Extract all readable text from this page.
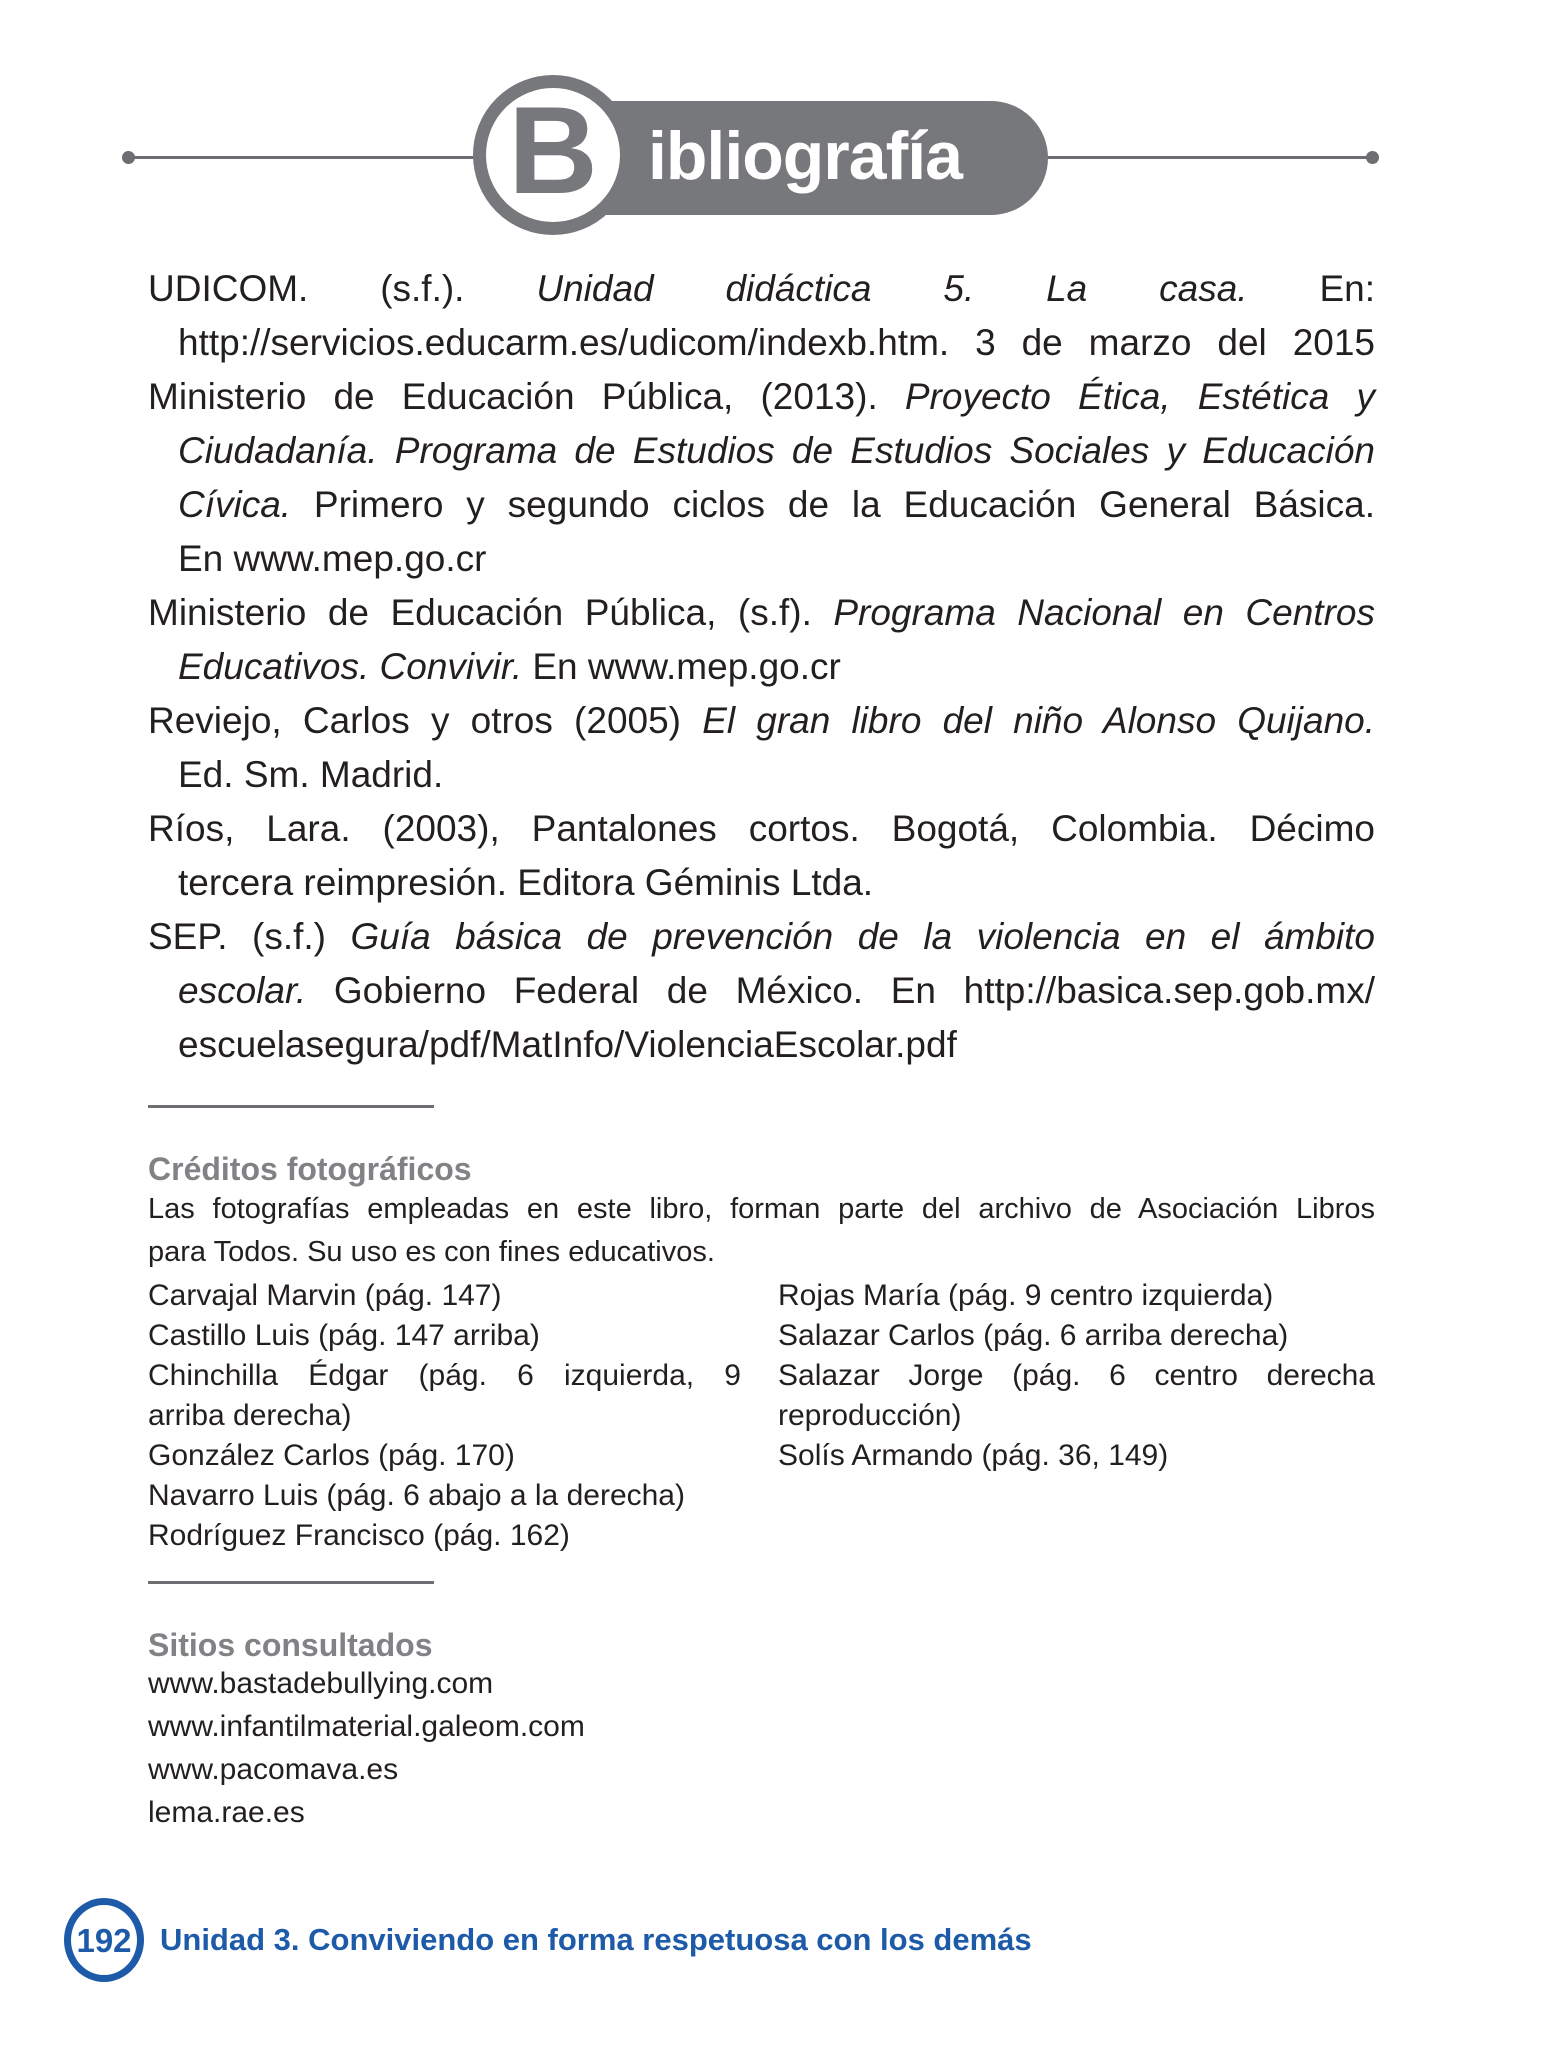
ibliografía
B
UDICOM. (s.f.). Unidad didáctica 5. La casa. En:
http://servicios.educarm.es/udicom/indexb.htm. 3 de marzo del 2015
Ministerio de Educación Pública, (2013). Proyecto Ética, Estética y
Ciudadanía. Programa de Estudios de Estudios Sociales y Educación
Cívica. Primero y segundo ciclos de la Educación General Básica.
En www.mep.go.cr
Ministerio de Educación Pública, (s.f). Programa Nacional en Centros
Educativos. Convivir. En www.mep.go.cr
Reviejo, Carlos y otros (2005) El gran libro del niño Alonso Quijano.
Ed. Sm. Madrid.
Ríos, Lara. (2003), Pantalones cortos. Bogotá, Colombia. Décimo
tercera reimpresión. Editora Géminis Ltda.
SEP. (s.f.) Guía básica de prevención de la violencia en el ámbito
escolar. Gobierno Federal de México. En http://basica.sep.gob.mx/
escuelasegura/pdf/MatInfo/ViolenciaEscolar.pdf
Créditos fotográficos
Las fotografías empleadas en este libro, forman parte del archivo de Asociación Libros
para Todos. Su uso es con fines educativos.
Carvajal Marvin (pág. 147)
Castillo Luis (pág. 147 arriba)
Chinchilla Édgar (pág. 6 izquierda, 9
arriba derecha)
González Carlos (pág. 170)
Navarro Luis (pág. 6 abajo a la derecha)
Rodríguez Francisco (pág. 162)
Rojas María (pág. 9 centro izquierda)
Salazar Carlos (pág. 6 arriba derecha)
Salazar Jorge (pág. 6 centro derecha
reproducción)
Solís Armando (pág. 36, 149)
Sitios consultados
www.bastadebullying.com
www.infantilmaterial.galeom.com
www.pacomava.es
lema.rae.es
192 Unidad 3. Conviviendo en forma respetuosa con los demás
